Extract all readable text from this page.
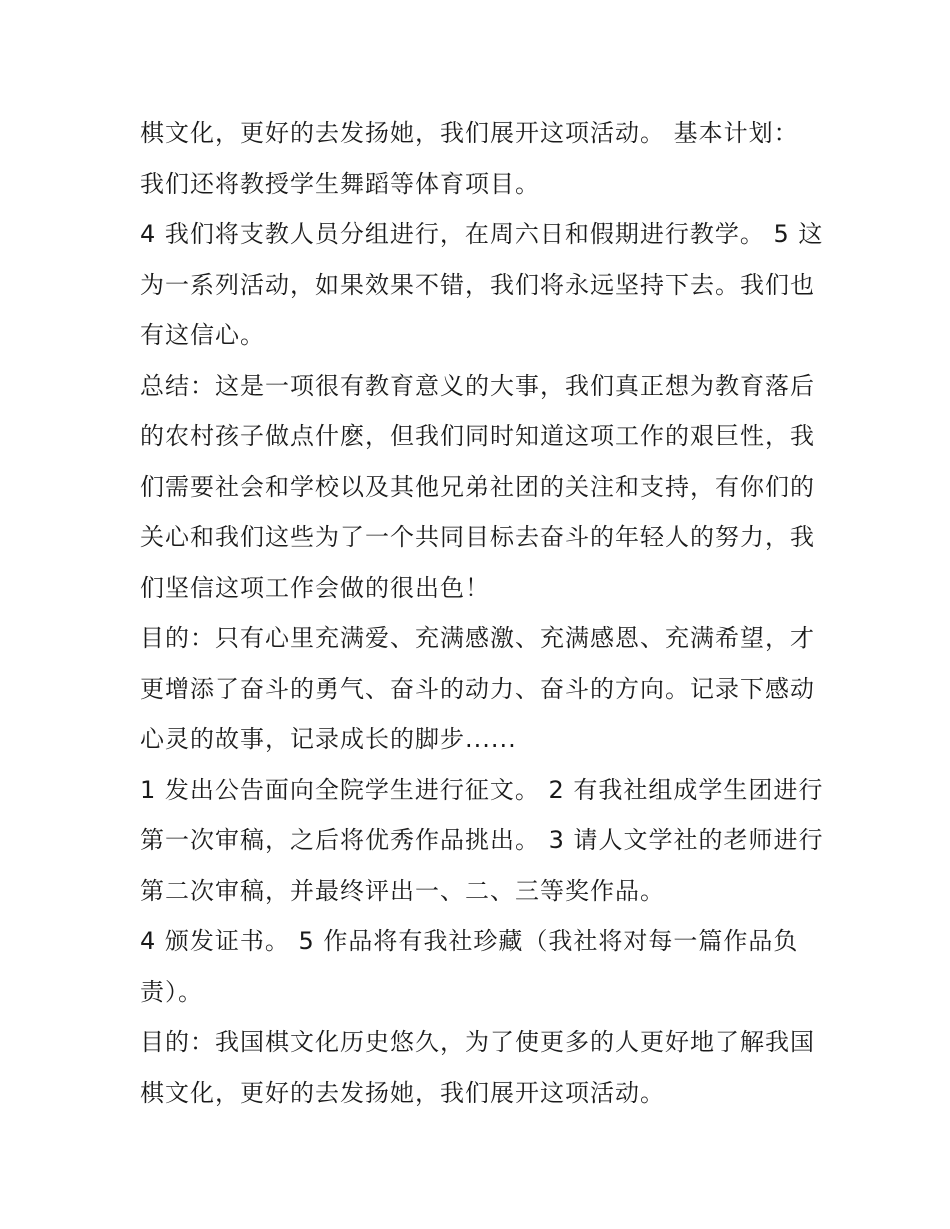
棋文化，更好的去发扬她，我们展开这项活动。 基本计划：
我们还将教授学生舞蹈等体育项目。
4 我们将支教人员分组进行，在周六日和假期进行教学。 5 这
为一系列活动，如果效果不错，我们将永远坚持下去。我们也
有这信心。
总结：这是一项很有教育意义的大事，我们真正想为教育落后
的农村孩子做点什麽，但我们同时知道这项工作的艰巨性，我
们需要社会和学校以及其他兄弟社团的关注和支持，有你们的
关心和我们这些为了一个共同目标去奋斗的年轻人的努力，我
们坚信这项工作会做的很出色！
目的：只有心里充满爱、充满感激、充满感恩、充满希望，才
更增添了奋斗的勇气、奋斗的动力、奋斗的方向。记录下感动
心灵的故事，记录成长的脚步......
1 发出公告面向全院学生进行征文。 2 有我社组成学生团进行
第一次审稿，之后将优秀作品挑出。 3 请人文学社的老师进行
第二次审稿，并最终评出一、二、三等奖作品。
4 颁发证书。 5 作品将有我社珍藏（我社将对每一篇作品负
责）。
目的：我国棋文化历史悠久，为了使更多的人更好地了解我国
棋文化，更好的去发扬她，我们展开这项活动。
